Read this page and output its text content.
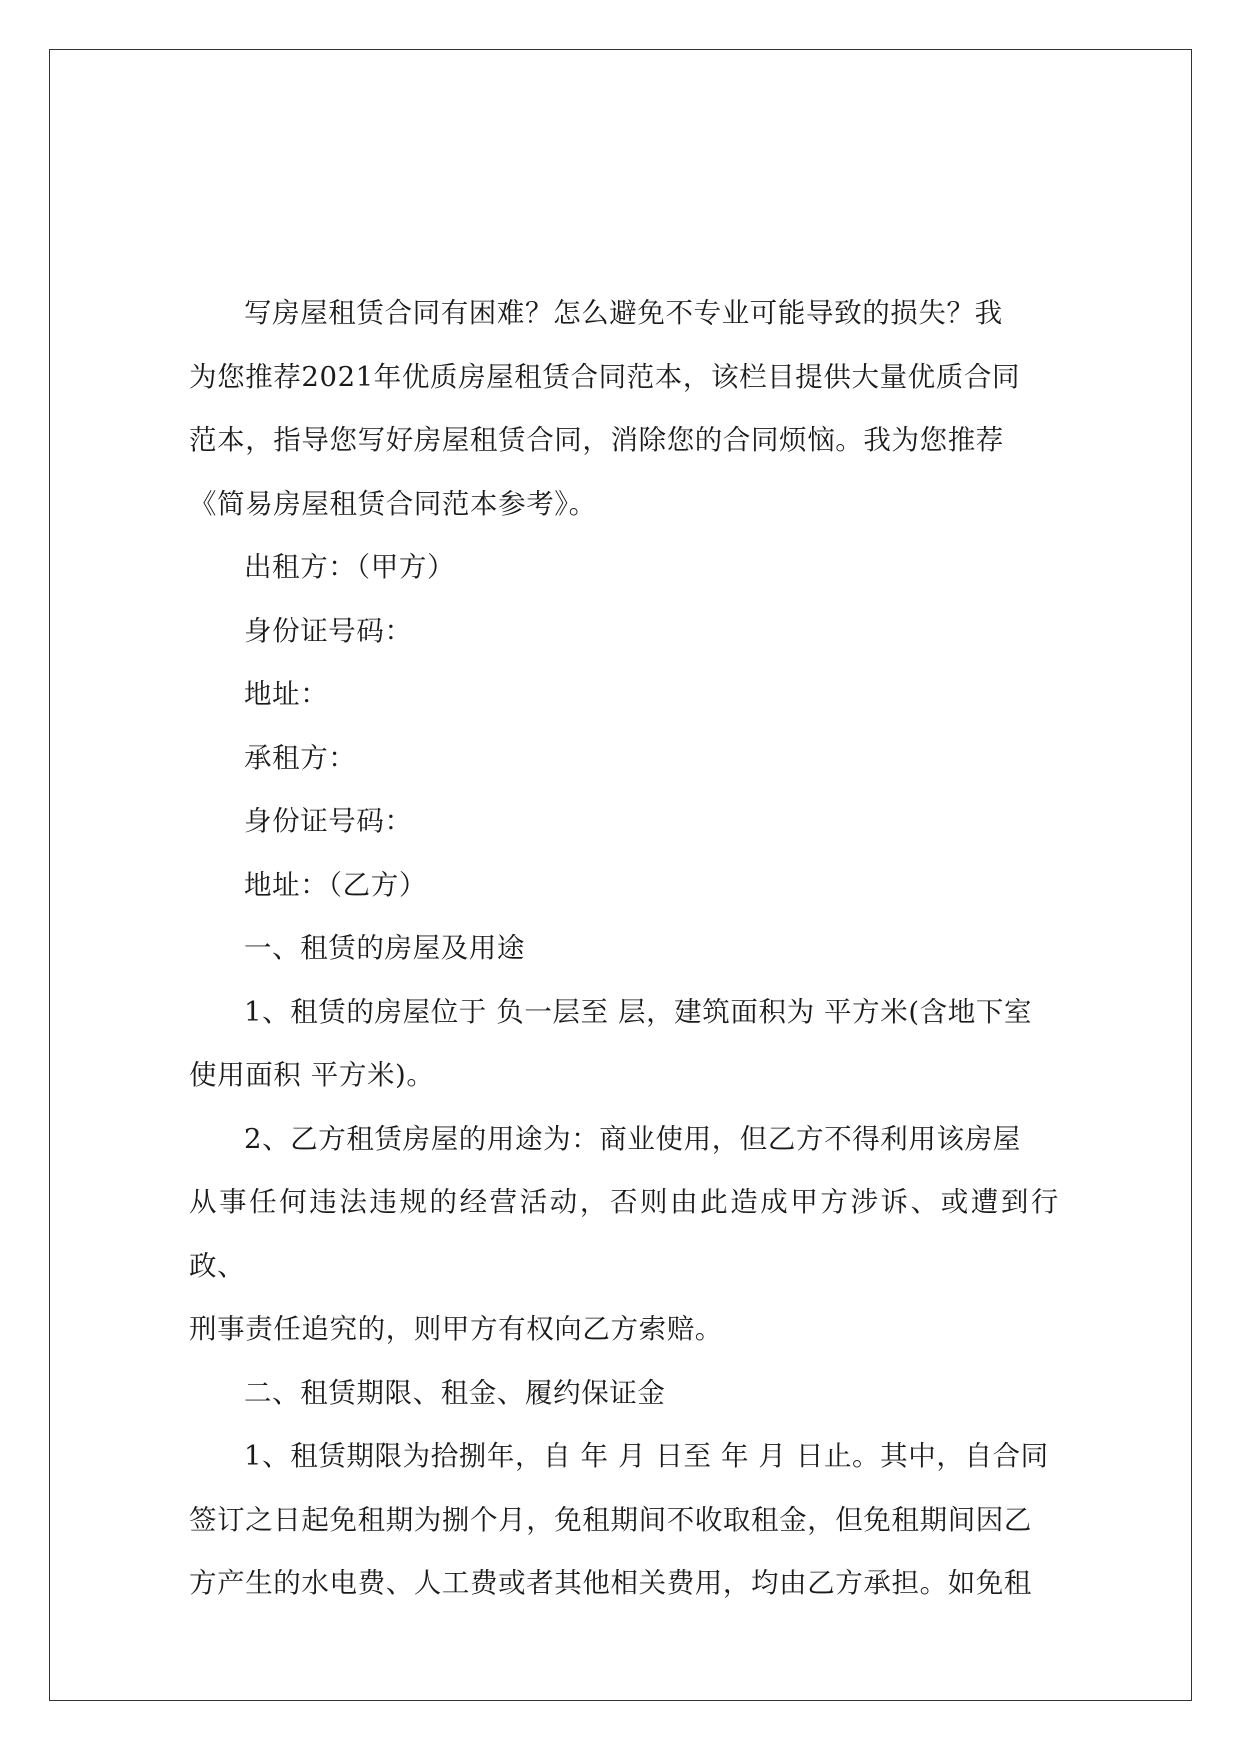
写房屋租赁合同有困难？怎么避免不专业可能导致的损失？我

为您推荐2021年优质房屋租赁合同范本，该栏目提供大量优质合同

范本，指导您写好房屋租赁合同，消除您的合同烦恼。我为您推荐

《简易房屋租赁合同范本参考》。

出租方：（甲方）

身份证号码：

地址：

承租方：

身份证号码：

地址：（乙方）

一、租赁的房屋及用途

1、租赁的房屋位于 负一层至 层，建筑面积为 平方米(含地下室

使用面积 平方米)。

2、乙方租赁房屋的用途为：商业使用，但乙方不得利用该房屋

从事任何违法违规的经营活动，否则由此造成甲方涉诉、或遭到行政、

刑事责任追究的，则甲方有权向乙方索赔。

二、租赁期限、租金、履约保证金

1、租赁期限为拾捌年，自 年 月 日至 年 月 日止。其中，自合同

签订之日起免租期为捌个月，免租期间不收取租金，但免租期间因乙

方产生的水电费、人工费或者其他相关费用，均由乙方承担。如免租
